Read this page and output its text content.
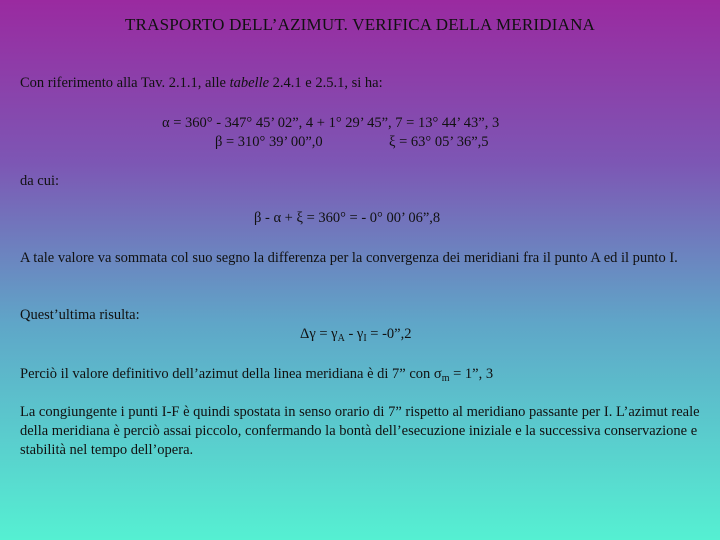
TRASPORTO DELL’AZIMUT. VERIFICA DELLA MERIDIANA
Con riferimento alla Tav. 2.1.1, alle tabelle 2.4.1 e 2.5.1, si ha:
α = 360° - 347° 45’ 02”, 4 + 1° 29’ 45”, 7 = 13° 44’ 43”, 3
β = 310° 39’ 00”,0	ξ = 63° 05’ 36”,5
da cui:
β - α + ξ = 360° = - 0° 00’ 06”,8
A tale valore va sommata col suo segno la differenza per la convergenza dei meridiani fra il punto A ed il punto I.
Quest’ultima risulta:
$\Delta\gamma = \gamma_A - \gamma_I$ = -0”,2
Perciò il valore definitivo dell’azimut della linea meridiana è di 7” con $\sigma_m = 1$”, 3
La congiungente i punti I-F è quindi spostata in senso orario di 7” rispetto al meridiano passante per I. L’azimut reale della meridiana è perciò assai piccolo, confermando la bontà dell’esecuzione iniziale e la successiva conservazione e stabilità nel tempo dell’opera.
